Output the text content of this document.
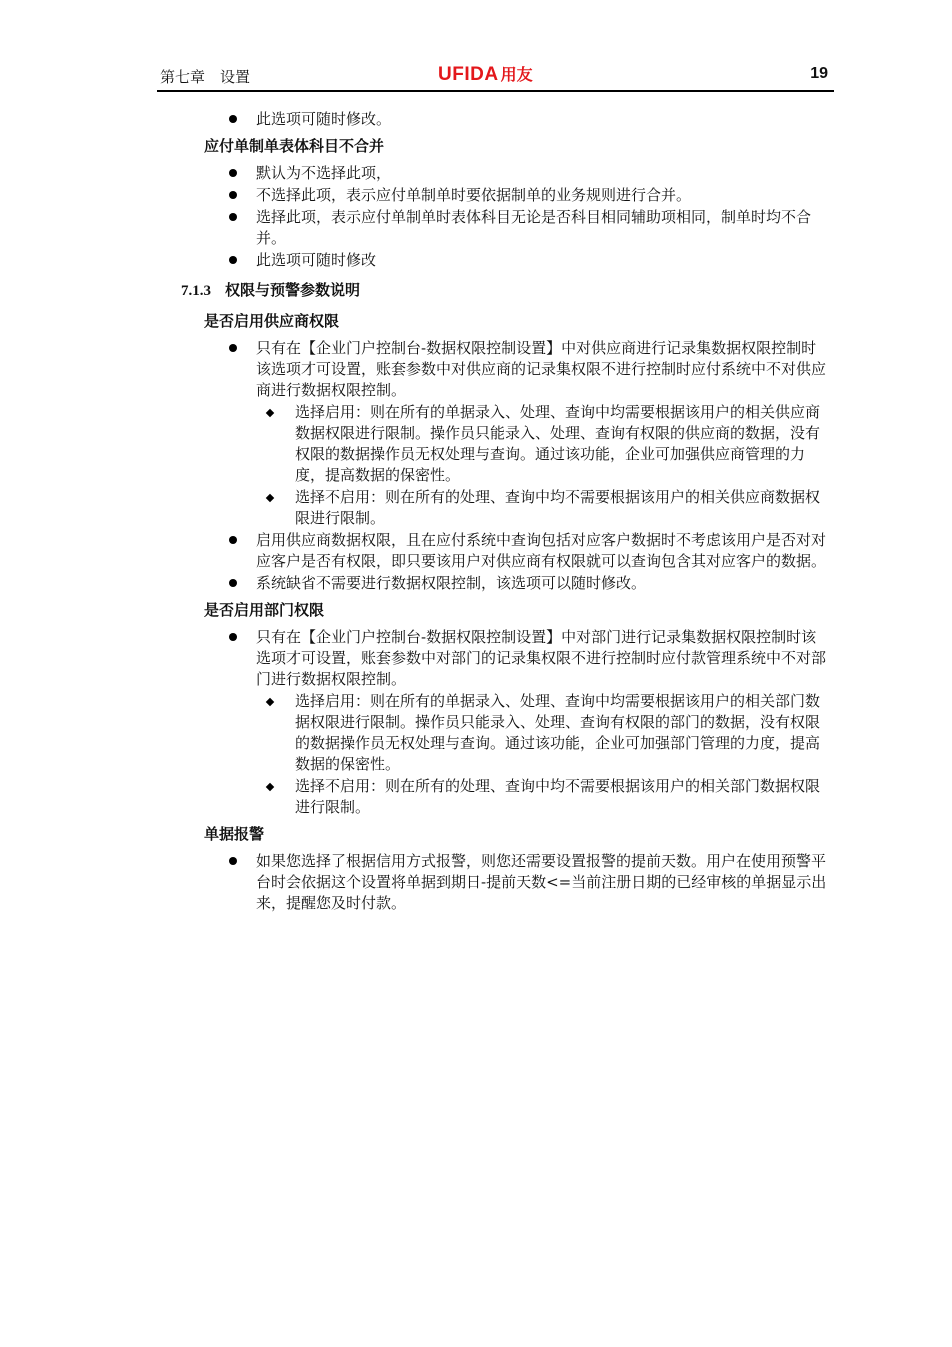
第七章　设置	UFIDA 用友	19
此选项可随时修改。
应付单制单表体科目不合并
默认为不选择此项，
不选择此项，表示应付单制单时要依据制单的业务规则进行合并。
选择此项，表示应付单制单时表体科目无论是否科目相同辅助项相同，制单时均不合并。
此选项可随时修改
7.1.3 权限与预警参数说明
是否启用供应商权限
只有在【企业门户控制台-数据权限控制设置】中对供应商进行记录集数据权限控制时该选项才可设置，账套参数中对供应商的记录集权限不进行控制时应付系统中不对供应商进行数据权限控制。
选择启用：则在所有的单据录入、处理、查询中均需要根据该用户的相关供应商数据权限进行限制。操作员只能录入、处理、查询有权限的供应商的数据，没有权限的数据操作员无权处理与查询。通过该功能，企业可加强供应商管理的力度，提高数据的保密性。
选择不启用：则在所有的处理、查询中均不需要根据该用户的相关供应商数据权限进行限制。
启用供应商数据权限，且在应付系统中查询包括对应客户数据时不考虑该用户是否对对应客户是否有权限，即只要该用户对供应商有权限就可以查询包含其对应客户的数据。
系统缺省不需要进行数据权限控制，该选项可以随时修改。
是否启用部门权限
只有在【企业门户控制台-数据权限控制设置】中对部门进行记录集数据权限控制时该选项才可设置，账套参数中对部门的记录集权限不进行控制时应付款管理系统中不对部门进行数据权限控制。
选择启用：则在所有的单据录入、处理、查询中均需要根据该用户的相关部门数据权限进行限制。操作员只能录入、处理、查询有权限的部门的数据，没有权限的数据操作员无权处理与查询。通过该功能，企业可加强部门管理的力度，提高数据的保密性。
选择不启用：则在所有的处理、查询中均不需要根据该用户的相关部门数据权限进行限制。
单据报警
如果您选择了根据信用方式报警，则您还需要设置报警的提前天数。用户在使用预警平台时会依据这个设置将单据到期日-提前天数<=当前注册日期的已经审核的单据显示出来，提醒您及时付款。
